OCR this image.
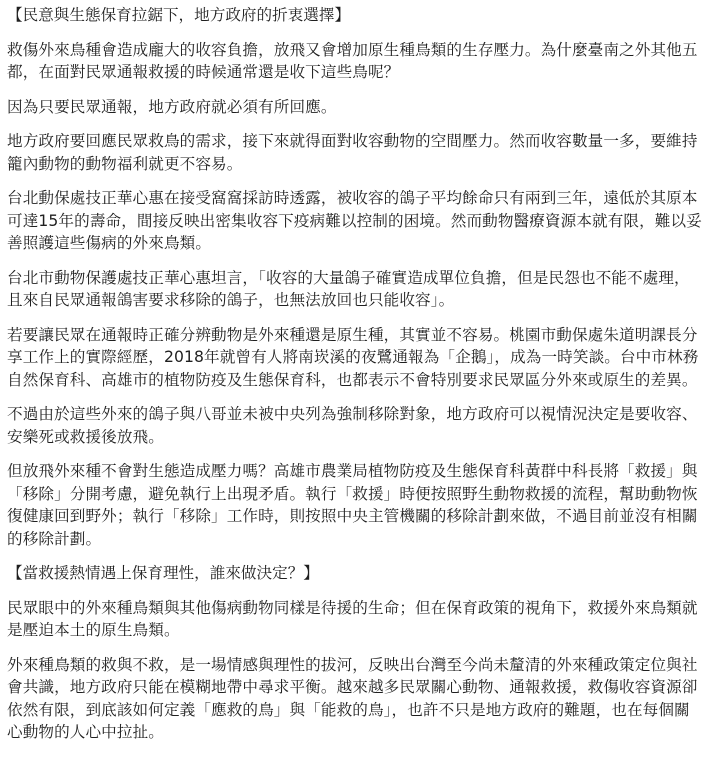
【民意與生態保育拉鋸下，地方政府的折衷選擇】

救傷外來鳥種會造成龐大的收容負擔，放飛又會增加原生種鳥類的生存壓力。為什麼臺南之外其他五都，在面對民眾通報救援的時候通常還是收下這些鳥呢？

因為只要民眾通報，地方政府就必須有所回應。

地方政府要回應民眾救鳥的需求，接下來就得面對收容動物的空間壓力。然而收容數量一多，要維持籠內動物的動物福利就更不容易。

台北動保處技正華心惠在接受窩窩採訪時透露，被收容的鴿子平均餘命只有兩到三年，遠低於其原本可達15年的壽命，間接反映出密集收容下疫病難以控制的困境。然而動物醫療資源本就有限，難以妥善照護這些傷病的外來鳥類。

台北市動物保護處技正華心惠坦言，「收容的大量鴿子確實造成單位負擔，但是民怨也不能不處理，且來自民眾通報鴿害要求移除的鴿子，也無法放回也只能收容」。

若要讓民眾在通報時正確分辨動物是外來種還是原生種，其實並不容易。桃園市動保處朱道明課長分享工作上的實際經歷，2018年就曾有人將南崁溪的夜鷺通報為「企鵝」，成為一時笑談。台中市林務自然保育科、高雄市的植物防疫及生態保育科，也都表示不會特別要求民眾區分外來或原生的差異。

不過由於這些外來的鴿子與八哥並未被中央列為強制移除對象，地方政府可以視情況決定是要收容、安樂死或救援後放飛。

但放飛外來種不會對生態造成壓力嗎？高雄市農業局植物防疫及生態保育科黃群中科長將「救援」與「移除」分開考慮，避免執行上出現矛盾。執行「救援」時便按照野生動物救援的流程，幫助動物恢復健康回到野外；執行「移除」工作時，則按照中央主管機關的移除計劃來做，不過目前並沒有相關的移除計劃。

【當救援熱情遇上保育理性，誰來做決定？】

民眾眼中的外來種鳥類與其他傷病動物同樣是待援的生命；但在保育政策的視角下，救援外來鳥類就是壓迫本土的原生鳥類。

外來種鳥類的救與不救，是一場情感與理性的拔河，反映出台灣至今尚未釐清的外來種政策定位與社會共識，地方政府只能在模糊地帶中尋求平衡。越來越多民眾關心動物、通報救援，救傷收容資源卻依然有限，到底該如何定義「應救的鳥」與「能救的鳥」，也許不只是地方政府的難題，也在每個關心動物的人心中拉扯。
